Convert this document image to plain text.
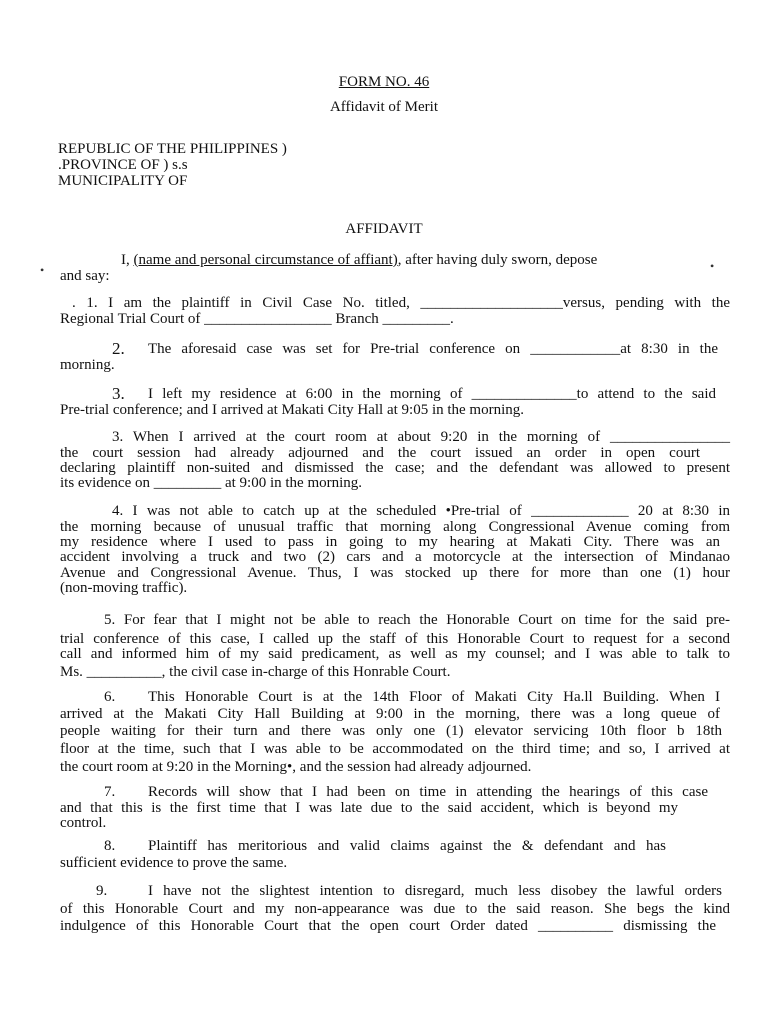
FORM NO. 46
Affidavit of Merit
REPUBLIC OF THE PHILIPPINES )
.PROVINCE OF ) s.s
MUNICIPALITY OF
AFFIDAVIT
•	•
I, (name and personal circumstance of affiant), after having duly sworn, depose
and say:
. 1. I am the plaintiff in Civil Case No. titled, ___________________versus, pending with the
Regional Trial Court of _________________ Branch _________.
2. The aforesaid case was set for Pre-trial conference on ____________at 8:30 in the
morning.
3. I left my residence at 6:00 in the morning of ______________to attend to the said
Pre-trial conference; and I arrived at Makati City Hall at 9:05 in the morning.
3. When I arrived at the court room at about 9:20 in the morning of ________________
the court session had already adjourned and the court issued an order in open court
declaring plaintiff non-suited and dismissed the case; and the defendant was allowed to present
its evidence on _________ at 9:00 in the morning.
4. I was not able to catch up at the scheduled •Pre-trial of _____________ 20 at 8:30 in
the morning because of unusual traffic that morning along Congressional Avenue coming from
my residence where I used to pass in going to my hearing at Makati City. There was an
accident involving a truck and two (2) cars and a motorcycle at the intersection of Mindanao
Avenue and Congressional Avenue. Thus, I was stocked up there for more than one (1) hour
(non-moving traffic).
5. For fear that I might not be able to reach the Honorable Court on time for the said pre-
trial conference of this case, I called up the staff of this Honorable Court to request for a second
call and informed him of my said predicament, as well as my counsel; and I was able to talk to
Ms. __________, the civil case in-charge of this Honrable Court.
6. This Honorable Court is at the 14th Floor of Makati City Ha.ll Building. When I
arrived at the Makati City Hall Building at 9:00 in the morning, there was a long queue of
people waiting for their turn and there was only one (1) elevator servicing 10th floor b 18th
floor at the time, such that I was able to be accommodated on the third time; and so, I arrived at
the court room at 9:20 in the Morning•, and the session had already adjourned.
7. Records will show that I had been on time in attending the hearings of this case
and that this is the first time that I was late due to the said accident, which is beyond my
control.
8. Plaintiff has meritorious and valid claims against the & defendant and has
sufficient evidence to prove the same.
9.	I have not the slightest intention to disregard, much less disobey the lawful orders
of this Honorable Court and my non-appearance was due to the said reason. She begs the kind
indulgence of this Honorable Court that the open court Order dated __________ dismissing the
